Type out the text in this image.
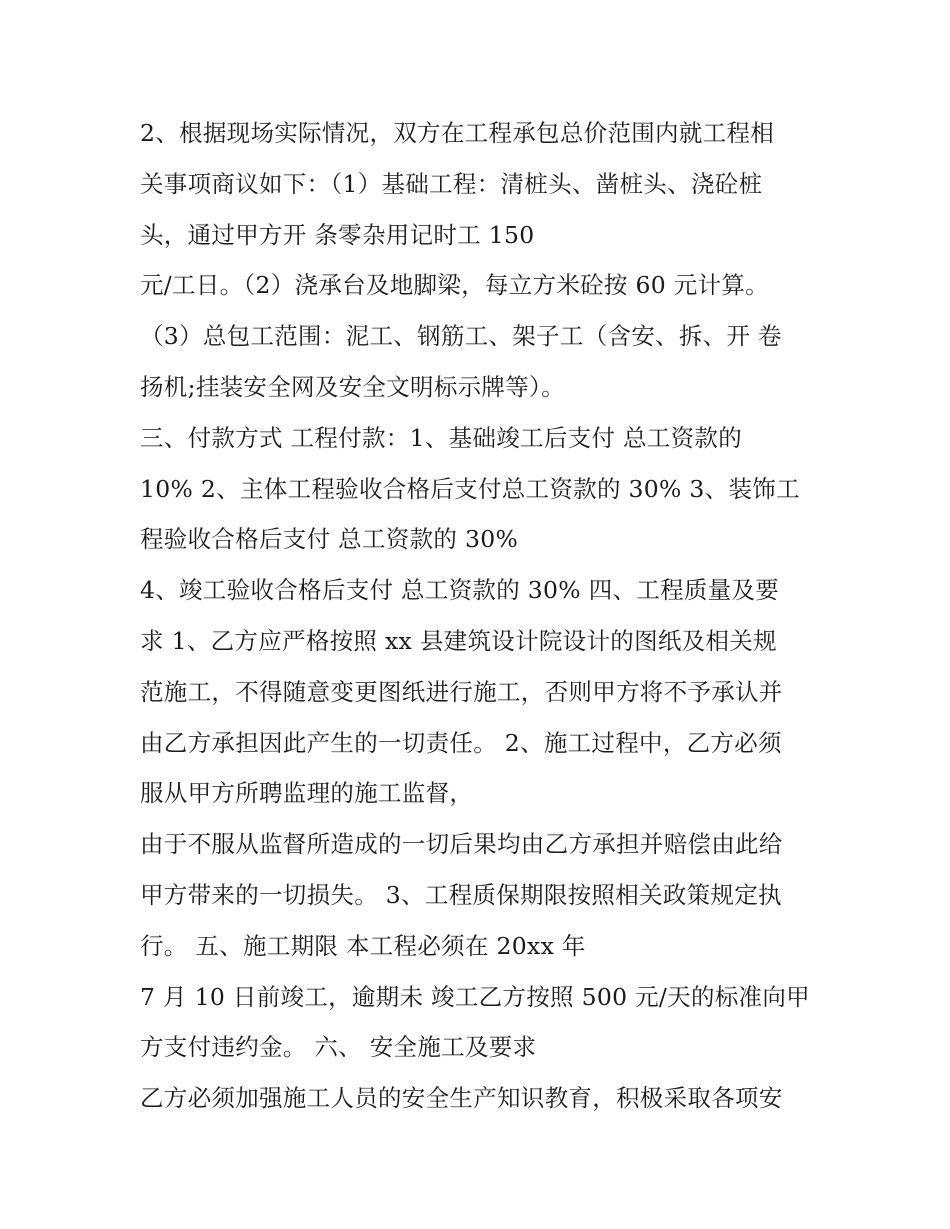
2、根据现场实际情况，双方在工程承包总价范围内就工程相
关事项商议如下：（1）基础工程：清桩头、凿桩头、浇砼桩
头，通过甲方开 条零杂用记时工 150
元/工日。（2）浇承台及地脚梁，每立方米砼按 60 元计算。
（3）总包工范围：泥工、钢筋工、架子工（含安、拆、开 卷
扬机;挂装安全网及安全文明标示牌等）。
三、付款方式 工程付款：1、基础竣工后支付 总工资款的
10% 2、主体工程验收合格后支付总工资款的 30% 3、装饰工
程验收合格后支付 总工资款的 30%
4、竣工验收合格后支付 总工资款的 30% 四、工程质量及要
求 1、乙方应严格按照 xx 县建筑设计院设计的图纸及相关规
范施工，不得随意变更图纸进行施工，否则甲方将不予承认并
由乙方承担因此产生的一切责任。 2、施工过程中，乙方必须
服从甲方所聘监理的施工监督，
由于不服从监督所造成的一切后果均由乙方承担并赔偿由此给
甲方带来的一切损失。 3、工程质保期限按照相关政策规定执
行。 五、施工期限 本工程必须在 20xx 年
7 月 10 日前竣工，逾期未 竣工乙方按照 500 元/天的标准向甲
方支付违约金。 六、 安全施工及要求
乙方必须加强施工人员的安全生产知识教育，积极采取各项安
